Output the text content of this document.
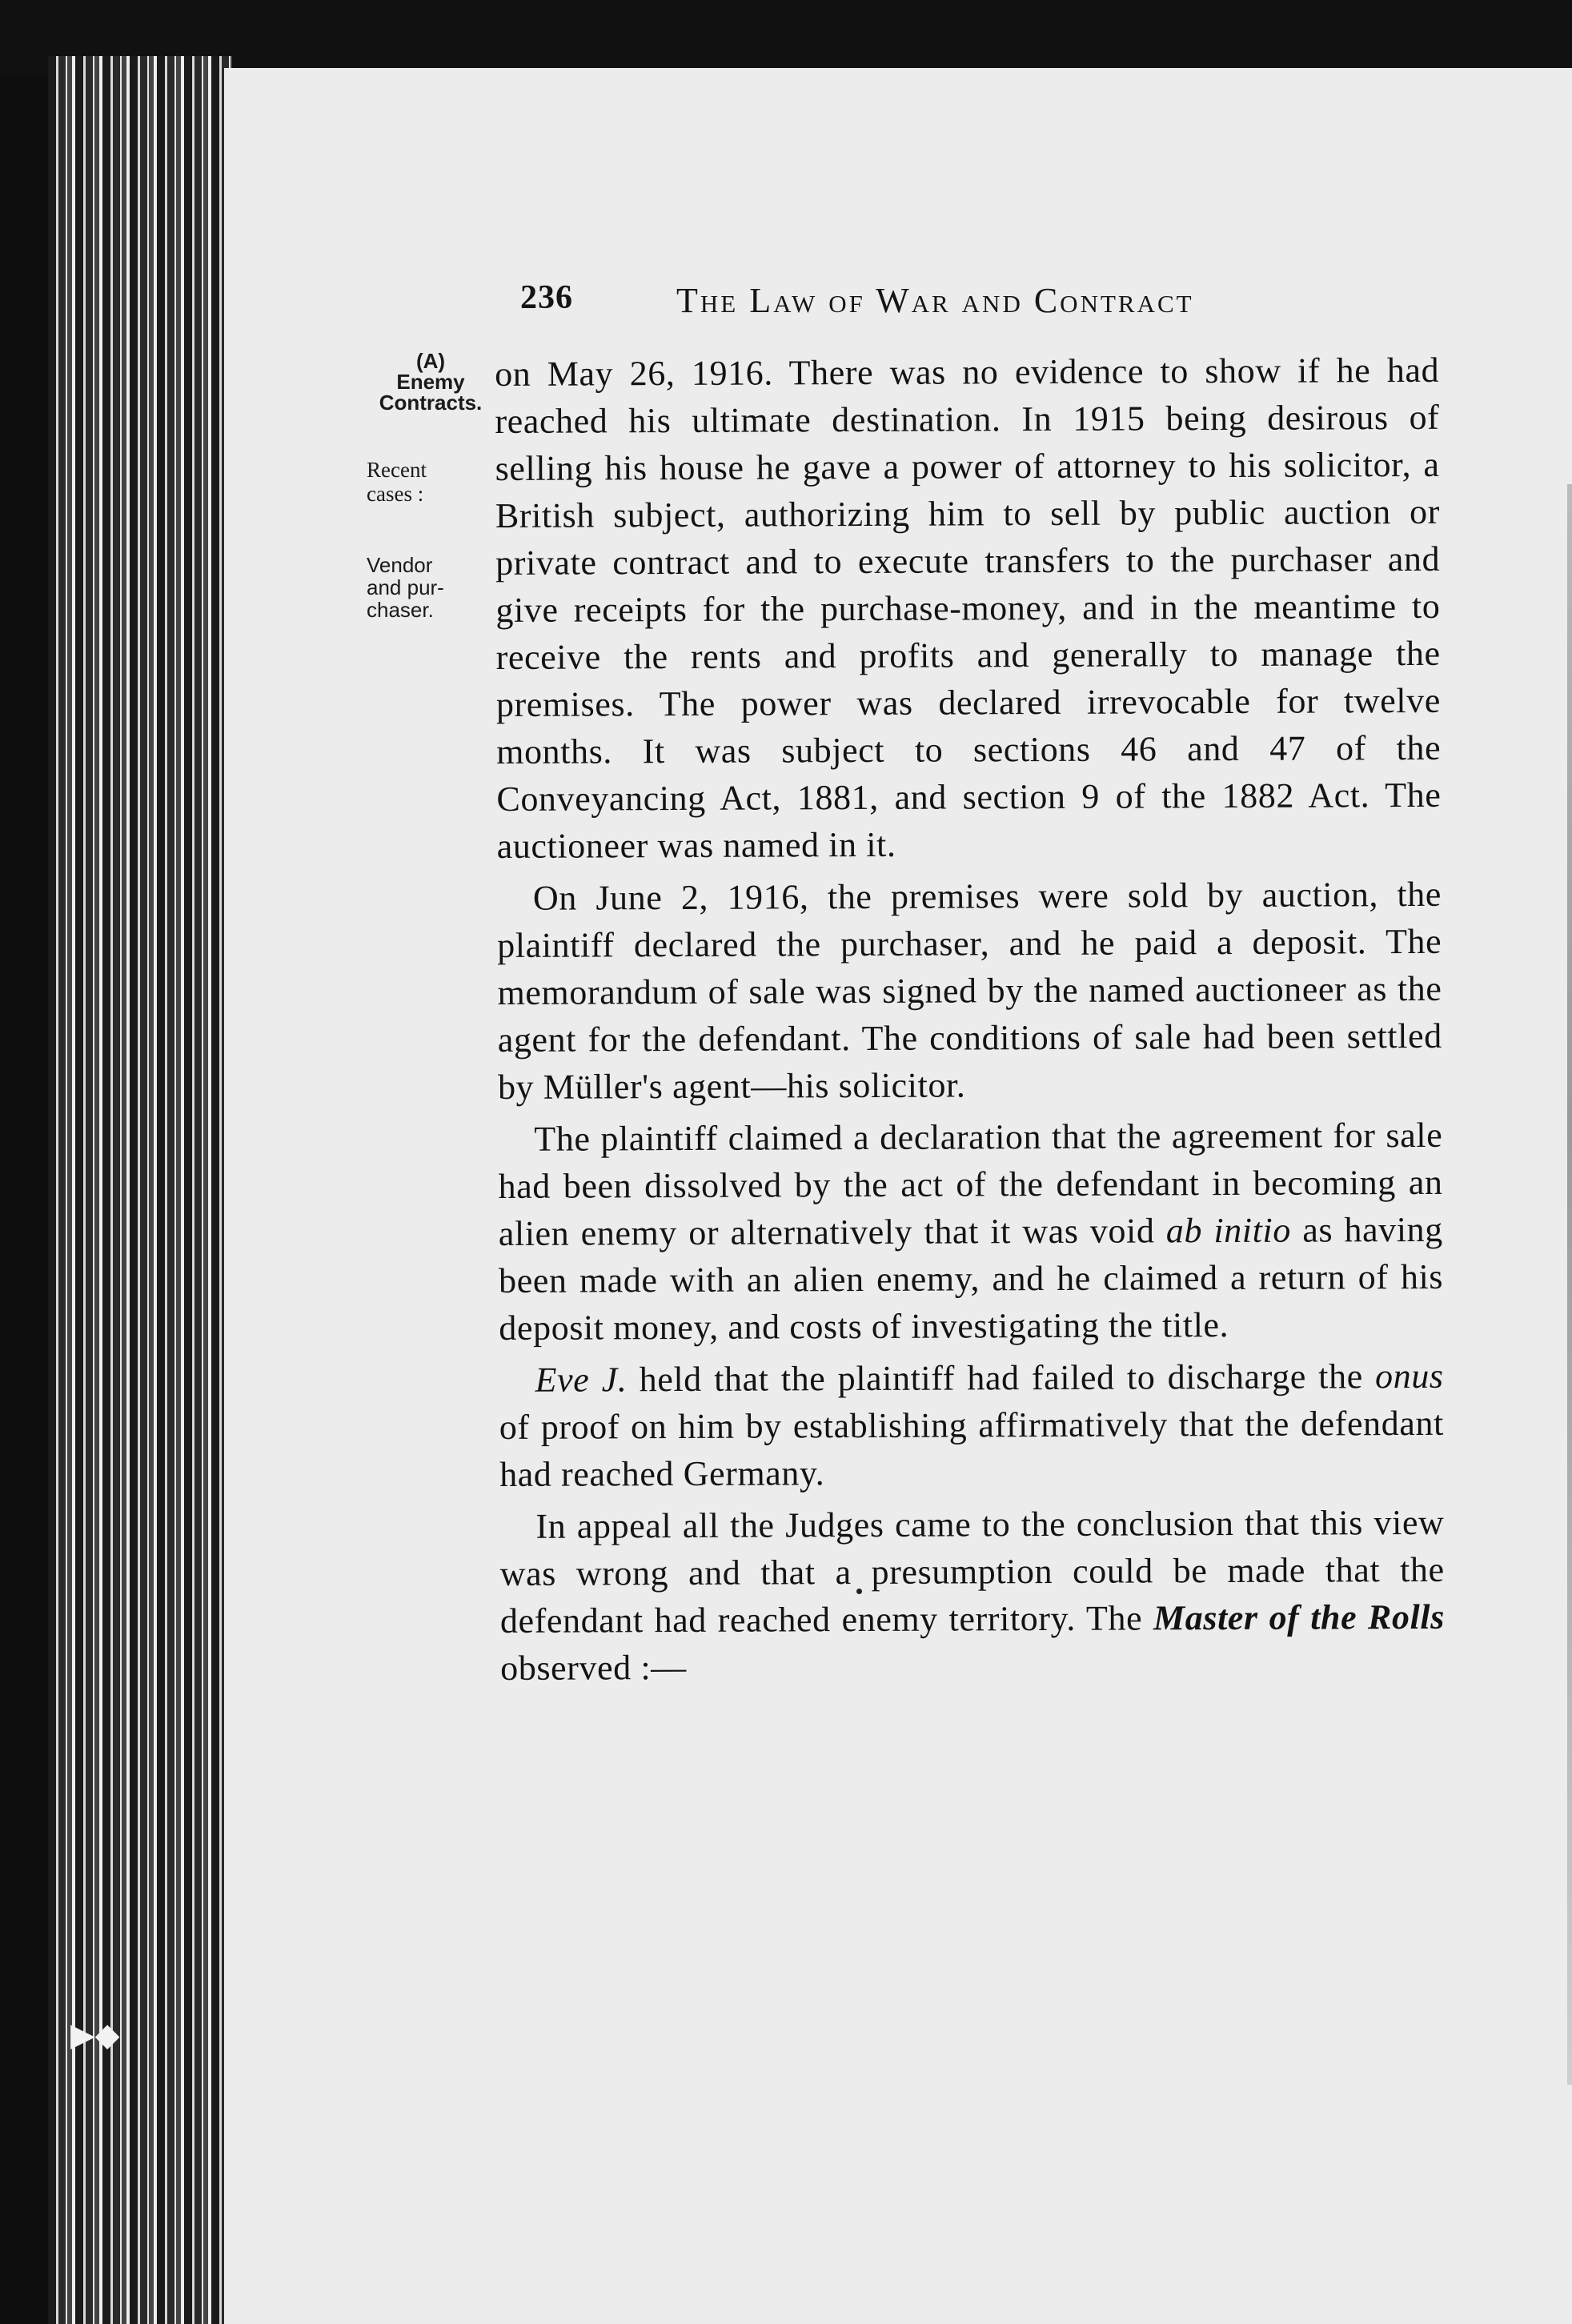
▶◆
236	The Law of War and Contract
(A)
Enemy
Contracts.
Recent
cases :
Vendor
and pur-
chaser.

on May 26, 1916. There was no evidence to show if he had reached his ultimate destination. In 1915 being desirous of selling his house he gave a power of attorney to his solicitor, a British subject, authorizing him to sell by public auction or private contract and to execute transfers to the purchaser and give receipts for the purchase-money, and in the meantime to receive the rents and profits and generally to manage the premises. The power was declared irrevocable for twelve months. It was subject to sections 46 and 47 of the Conveyancing Act, 1881, and section 9 of the 1882 Act. The auctioneer was named in it.

On June 2, 1916, the premises were sold by auction, the plaintiff declared the purchaser, and he paid a deposit. The memorandum of sale was signed by the named auctioneer as the agent for the defendant. The conditions of sale had been settled by Müller's agent—his solicitor.

The plaintiff claimed a declaration that the agreement for sale had been dissolved by the act of the defendant in becoming an alien enemy or alternatively that it was void ab initio as having been made with an alien enemy, and he claimed a return of his deposit money, and costs of investigating the title.

Eve J. held that the plaintiff had failed to discharge the onus of proof on him by establishing affirmatively that the defendant had reached Germany.

In appeal all the Judges came to the conclusion that this view was wrong and that a presumption could be made that the defendant had reached enemy territory. The Master of the Rolls observed :—
